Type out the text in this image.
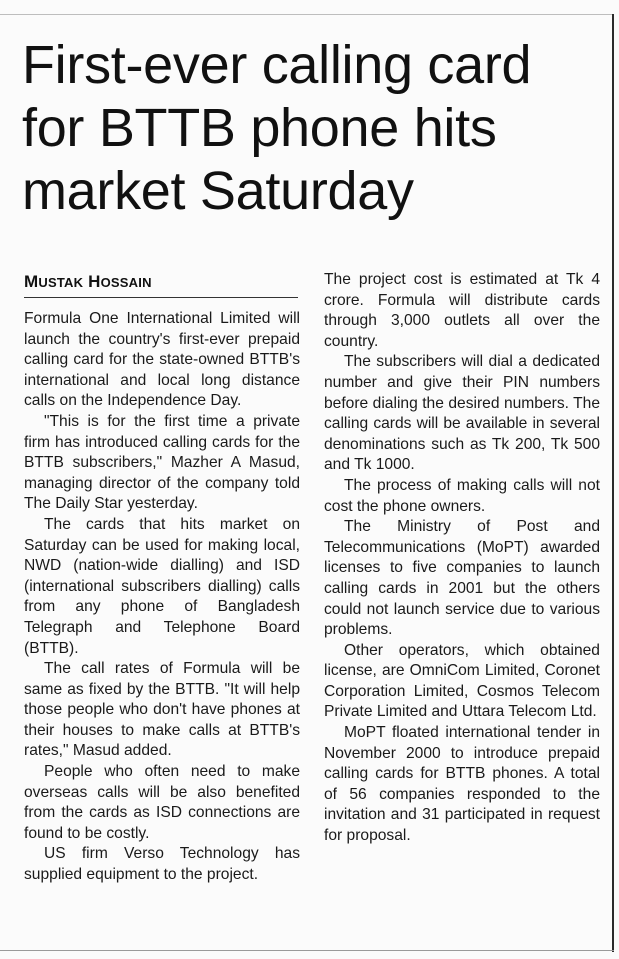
First-ever calling card for BTTB phone hits market Saturday
MUSTAK HOSSAIN

Formula One International Limited will launch the country's first-ever prepaid calling card for the state-owned BTTB's international and local long distance calls on the Independence Day.

"This is for the first time a private firm has introduced calling cards for the BTTB subscribers," Mazher A Masud, managing director of the company told The Daily Star yesterday.

The cards that hits market on Saturday can be used for making local, NWD (nation-wide dialling) and ISD (international subscribers dialling) calls from any phone of Bangladesh Telegraph and Telephone Board (BTTB).

The call rates of Formula will be same as fixed by the BTTB. "It will help those people who don't have phones at their houses to make calls at BTTB's rates," Masud added.

People who often need to make overseas calls will be also benefited from the cards as ISD connections are found to be costly.

US firm Verso Technology has supplied equipment to the project.

The project cost is estimated at Tk 4 crore. Formula will distribute cards through 3,000 outlets all over the country.

The subscribers will dial a dedicated number and give their PIN numbers before dialing the desired numbers. The calling cards will be available in several denominations such as Tk 200, Tk 500 and Tk 1000.

The process of making calls will not cost the phone owners.

The Ministry of Post and Telecommunications (MoPT) awarded licenses to five companies to launch calling cards in 2001 but the others could not launch service due to various problems.

Other operators, which obtained license, are OmniCom Limited, Coronet Corporation Limited, Cosmos Telecom Private Limited and Uttara Telecom Ltd.

MoPT floated international tender in November 2000 to introduce prepaid calling cards for BTTB phones. A total of 56 companies responded to the invitation and 31 participated in request for proposal.
